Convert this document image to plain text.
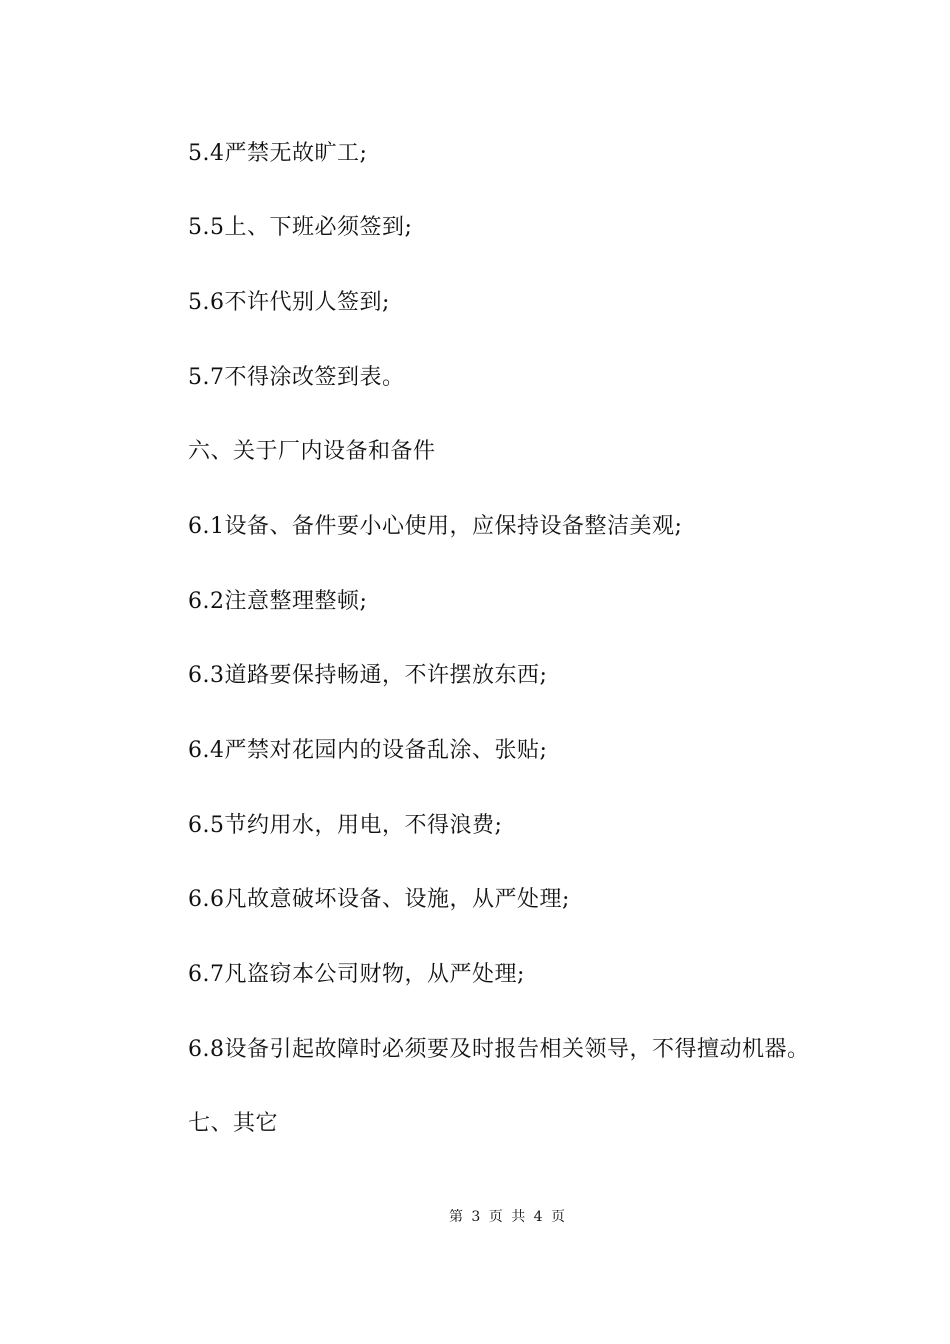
5.4严禁无故旷工;
5.5上、下班必须签到;
5.6不许代别人签到;
5.7不得涂改签到表。
六、关于厂内设备和备件
6.1设备、备件要小心使用，应保持设备整洁美观;
6.2注意整理整顿;
6.3道路要保持畅通，不许摆放东西;
6.4严禁对花园内的设备乱涂、张贴;
6.5节约用水，用电，不得浪费;
6.6凡故意破坏设备、设施，从严处理;
6.7凡盗窃本公司财物，从严处理;
6.8设备引起故障时必须要及时报告相关领导，不得擅动机器。
七、其它
第 3 页 共 4 页
